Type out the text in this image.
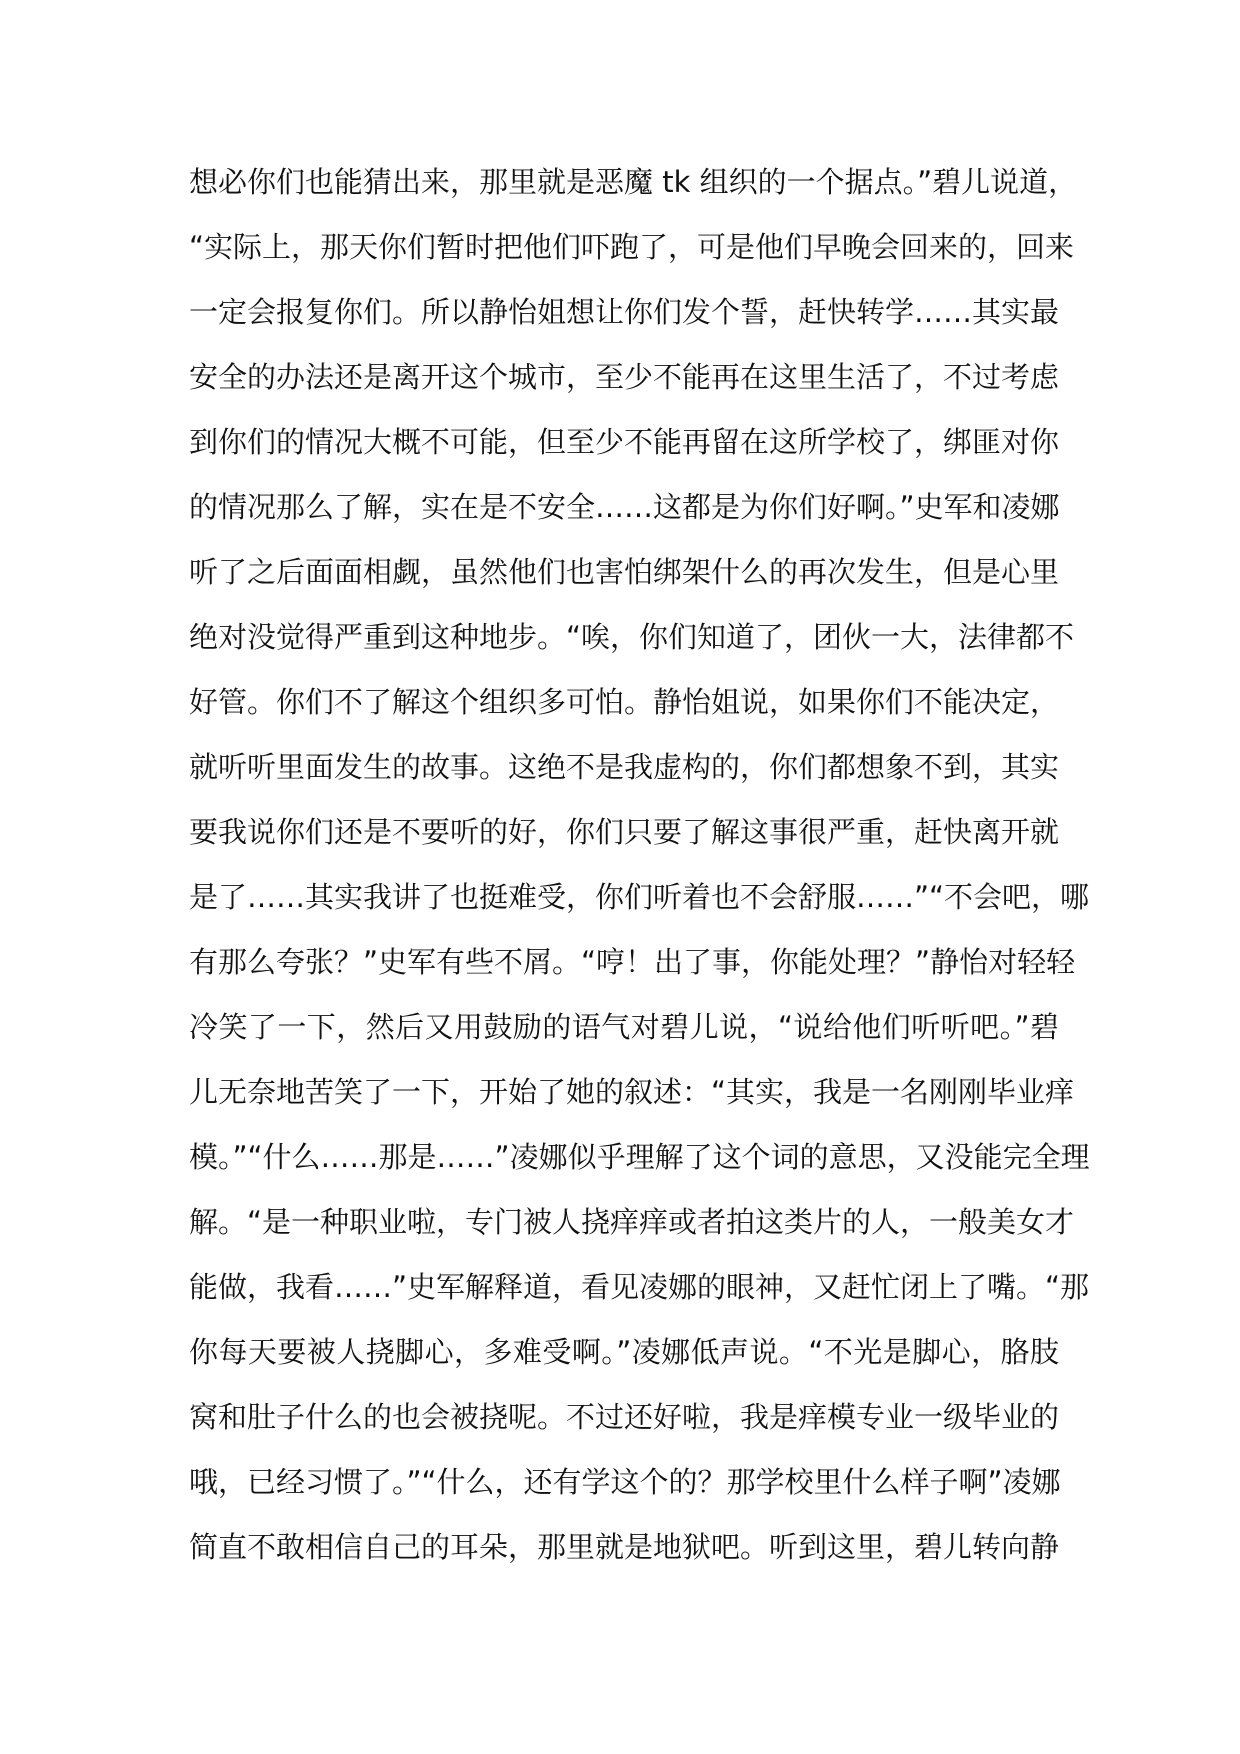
想必你们也能猜出来，那里就是恶魔 tk 组织的一个据点。”碧儿说道，
“实际上，那天你们暂时把他们吓跑了，可是他们早晚会回来的，回来
一定会报复你们。所以静怡姐想让你们发个誓，赶快转学……其实最
安全的办法还是离开这个城市，至少不能再在这里生活了，不过考虑
到你们的情况大概不可能，但至少不能再留在这所学校了，绑匪对你
的情况那么了解，实在是不安全……这都是为你们好啊。”史军和凌娜
听了之后面面相觑，虽然他们也害怕绑架什么的再次发生，但是心里
绝对没觉得严重到这种地步。“唉，你们知道了，团伙一大，法律都不
好管。你们不了解这个组织多可怕。静怡姐说，如果你们不能决定，
就听听里面发生的故事。这绝不是我虚构的，你们都想象不到，其实
要我说你们还是不要听的好，你们只要了解这事很严重，赶快离开就
是了……其实我讲了也挺难受，你们听着也不会舒服……”“不会吧，哪
有那么夸张？”史军有些不屑。“哼！出了事，你能处理？”静怡对轻轻
冷笑了一下，然后又用鼓励的语气对碧儿说，“说给他们听听吧。”碧
儿无奈地苦笑了一下，开始了她的叙述：“其实，我是一名刚刚毕业痒
模。”“什么……那是……”凌娜似乎理解了这个词的意思，又没能完全理
解。“是一种职业啦，专门被人挠痒痒或者拍这类片的人，一般美女才
能做，我看……”史军解释道，看见凌娜的眼神，又赶忙闭上了嘴。“那
你每天要被人挠脚心，多难受啊。”凌娜低声说。“不光是脚心，胳肢
窝和肚子什么的也会被挠呢。不过还好啦，我是痒模专业一级毕业的
哦，已经习惯了。”“什么，还有学这个的？那学校里什么样子啊”凌娜
简直不敢相信自己的耳朵，那里就是地狱吧。听到这里，碧儿转向静
